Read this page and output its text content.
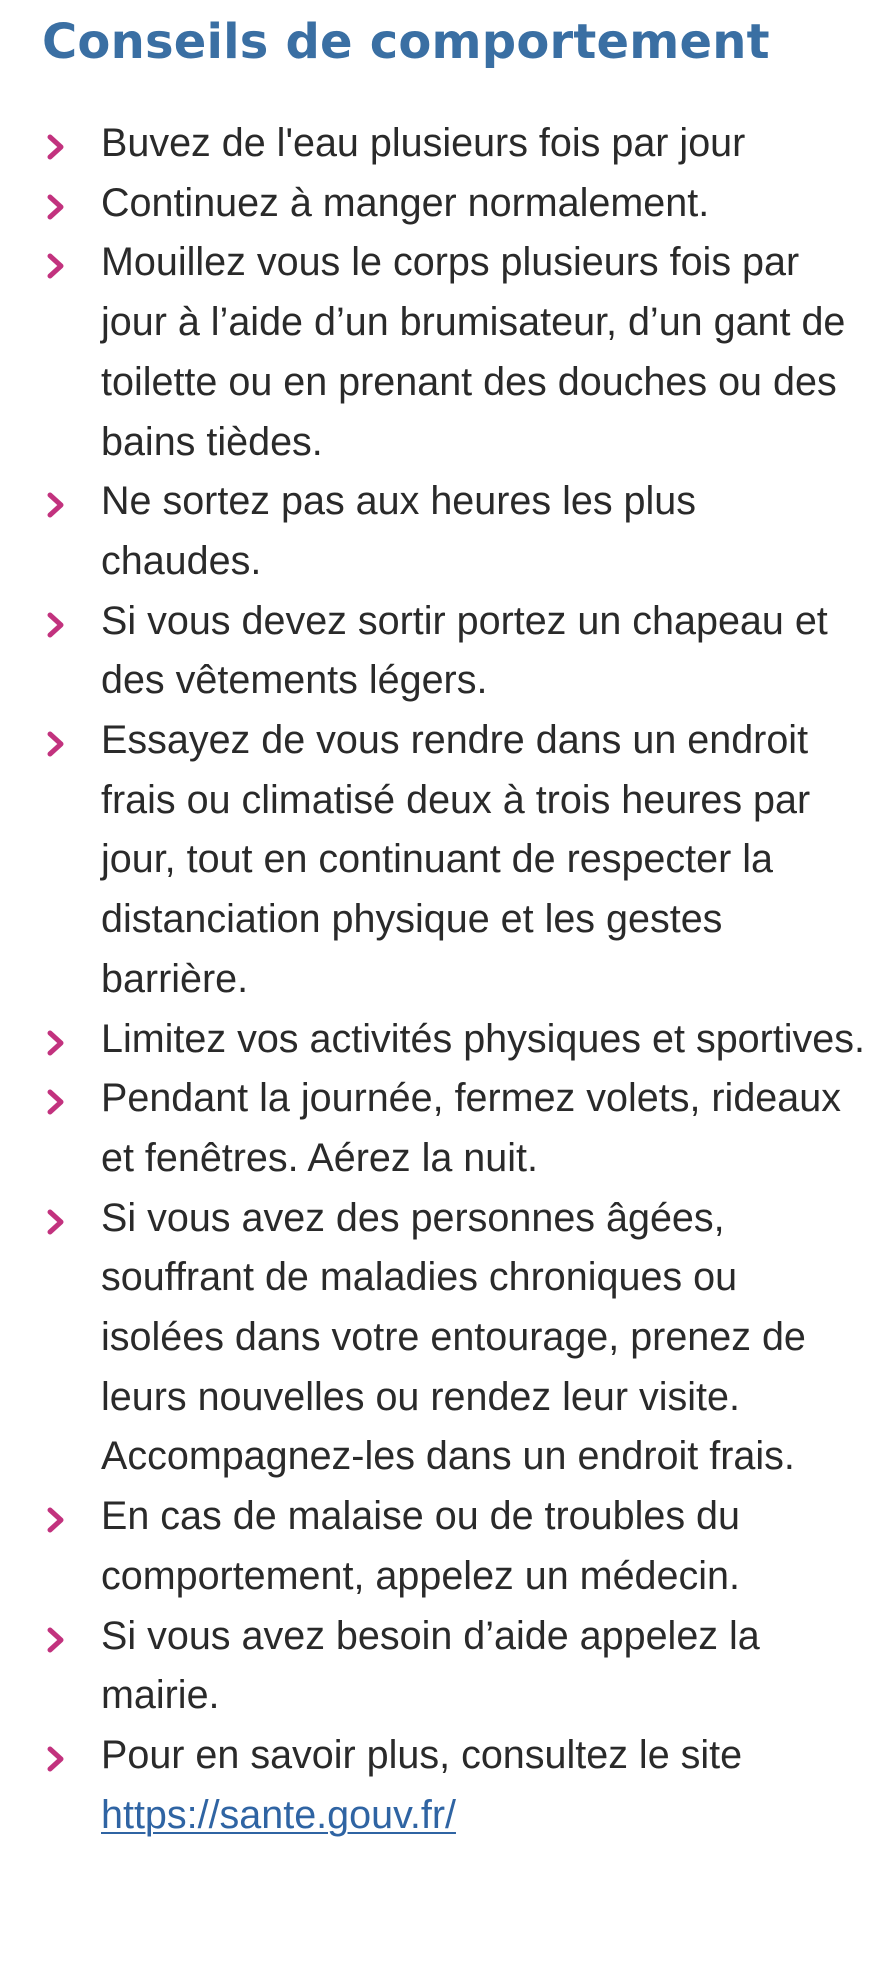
Conseils de comportement
Buvez de l'eau plusieurs fois par jour
Continuez à manger normalement.
Mouillez vous le corps plusieurs fois par jour à l’aide d’un brumisateur, d’un gant de toilette ou en prenant des douches ou des bains tièdes.
Ne sortez pas aux heures les plus chaudes.
Si vous devez sortir portez un chapeau et des vêtements légers.
Essayez de vous rendre dans un endroit frais ou climatisé deux à trois heures par jour, tout en continuant de respecter la distanciation physique et les gestes barrière.
Limitez vos activités physiques et sportives.
Pendant la journée, fermez volets, rideaux et fenêtres. Aérez la nuit.
Si vous avez des personnes âgées, souffrant de maladies chroniques ou isolées dans votre entourage, prenez de leurs nouvelles ou rendez leur visite. Accompagnez-les dans un endroit frais.
En cas de malaise ou de troubles du comportement, appelez un médecin.
Si vous avez besoin d’aide appelez la mairie.
Pour en savoir plus, consultez le site https://sante.gouv.fr/
